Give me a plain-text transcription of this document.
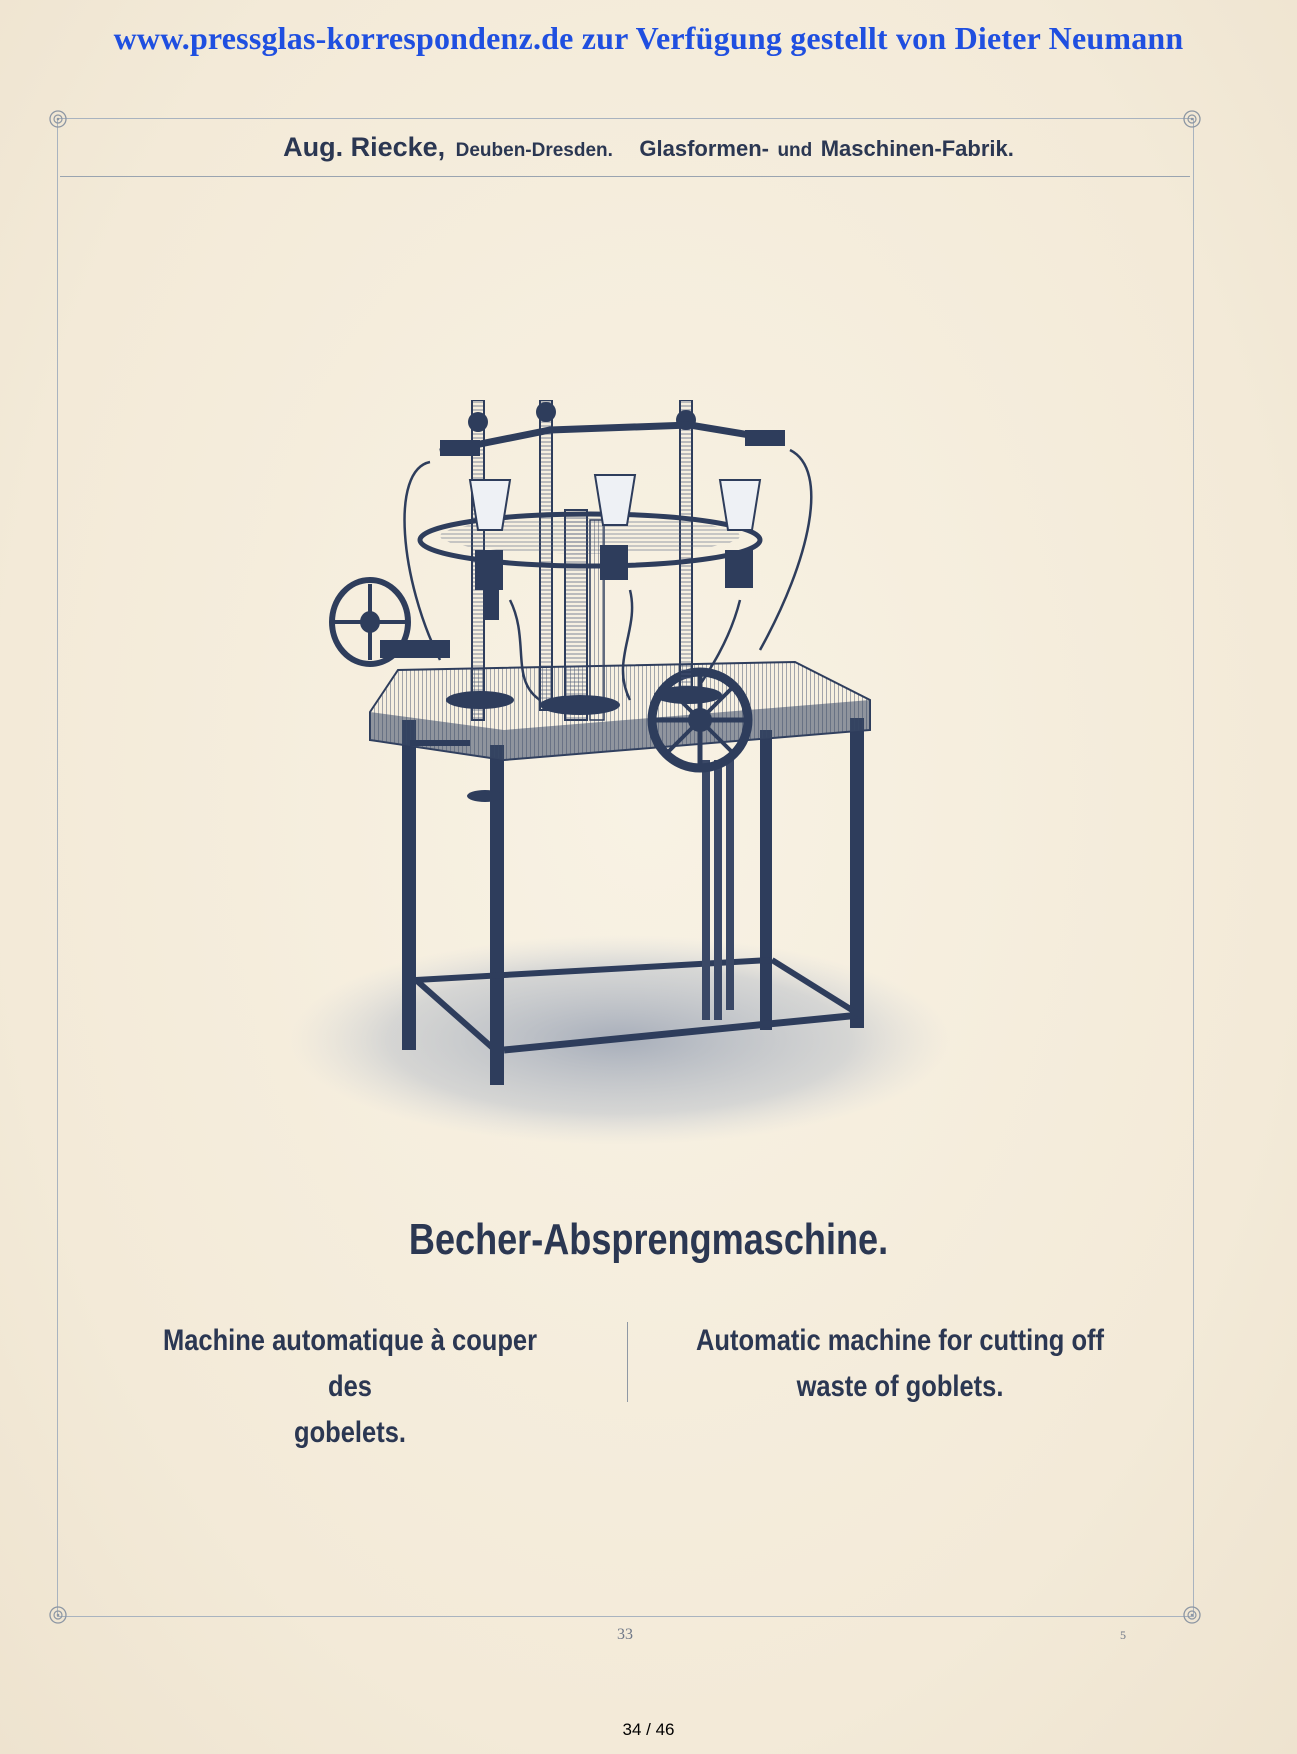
www.pressglas-korrespondenz.de zur Verfügung gestellt von Dieter Neumann
Aug. Riecke, Deuben-Dresden. Glasformen- und Maschinen-Fabrik.
Becher-Absprengmaschine.
Machine automatique à couper des
gobelets.
Automatic machine for cutting off
waste of goblets.
33	5
34 / 46
